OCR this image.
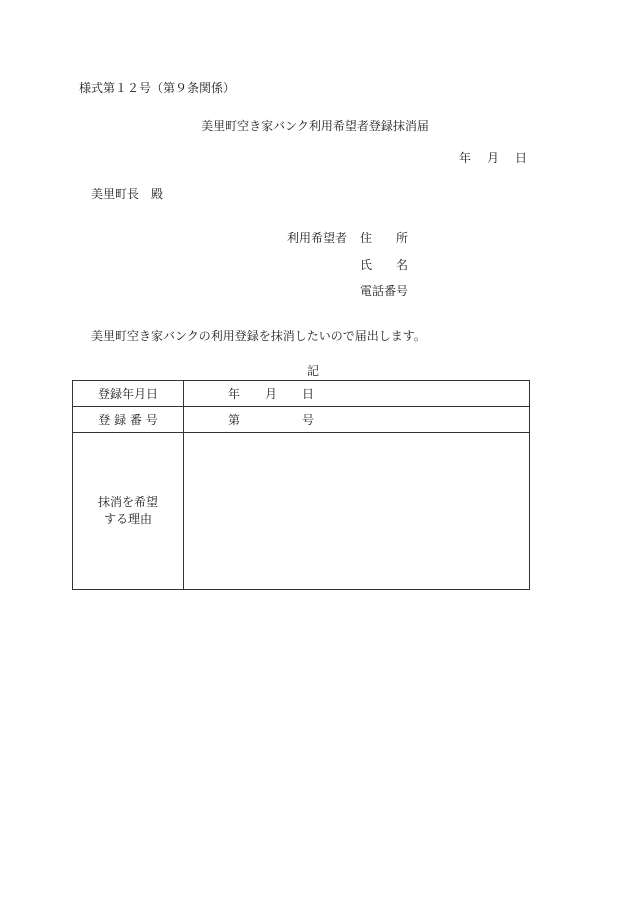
様式第１２号（第９条関係）
美里町空き家バンク利用希望者登録抹消届
年 月 日
美里町長　殿
利用希望者 住　　所
氏　　名
電話番号
美里町空き家バンクの利用登録を抹消したいので届出します。
記
登録年月日	年 月 日
登 録 番 号	第 号

抹消を希望
する理由	
